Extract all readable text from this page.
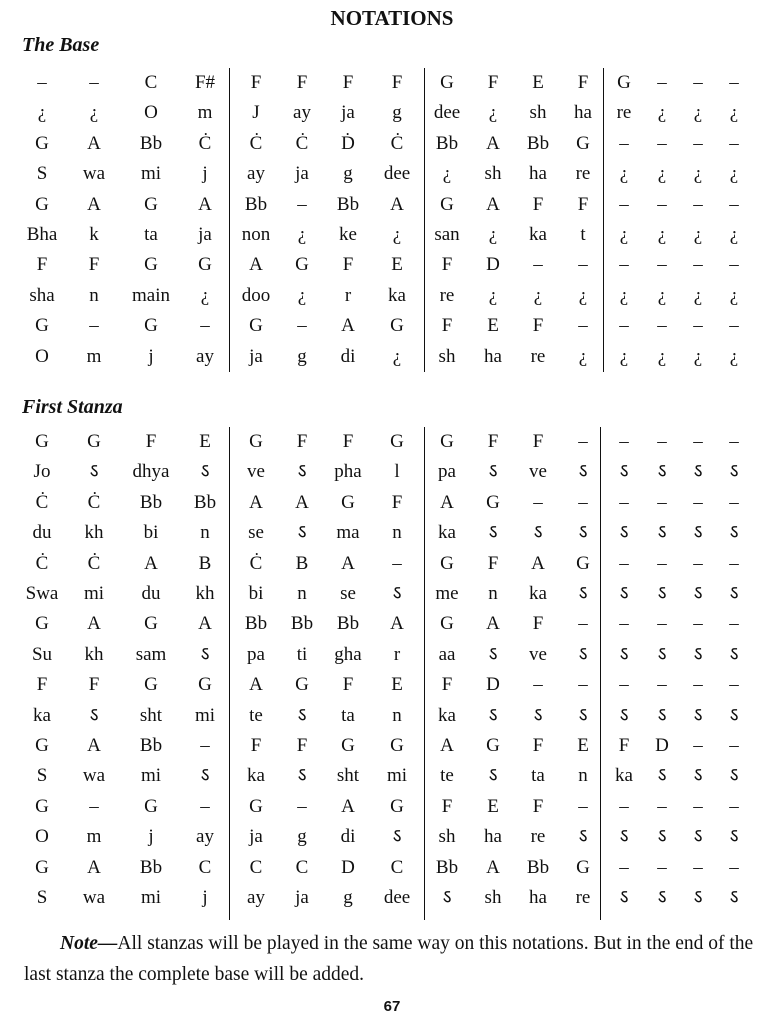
NOTATIONS
The Base
First Stanza
–	–	C	F#	F	F	F	F	G	F	E	F	G	–	–	–
¿	¿	O	m	J	ay	ja	g	dee	¿	sh	ha	re	¿	¿	¿
G	A	Bb	Ċ	Ċ	Ċ	Ḋ	Ċ	Bb	A	Bb	G	–	–	–	–
S	wa	mi	j	ay	ja	g	dee	¿	sh	ha	re	¿	¿	¿	¿
G	A	G	A	Bb	–	Bb	A	G	A	F	F	–	–	–	–
Bha	k	ta	ja	non	¿	ke	¿	san	¿	ka	t	¿	¿	¿	¿
F	F	G	G	A	G	F	E	F	D	–	–	–	–	–	–
sha	n	main	¿	doo	¿	r	ka	re	¿	¿	¿	¿	¿	¿	¿
G	–	G	–	G	–	A	G	F	E	F	–	–	–	–	–
O	m	j	ay	ja	g	di	¿	sh	ha	re	¿	¿	¿	¿	¿
G	G	F	E	G	F	F	G	G	F	F	–	–	–	–	–
Jo	ऽ	dhya	ऽ	ve	ऽ	pha	l	pa	ऽ	ve	ऽ	ऽ	ऽ	ऽ	ऽ
Ċ	Ċ	Bb	Bb	A	A	G	F	A	G	–	–	–	–	–	–
du	kh	bi	n	se	ऽ	ma	n	ka	ऽ	ऽ	ऽ	ऽ	ऽ	ऽ	ऽ
Ċ	Ċ	A	B	Ċ	B	A	–	G	F	A	G	–	–	–	–
Swa	mi	du	kh	bi	n	se	ऽ	me	n	ka	ऽ	ऽ	ऽ	ऽ	ऽ
G	A	G	A	Bb	Bb	Bb	A	G	A	F	–	–	–	–	–
Su	kh	sam	ऽ	pa	ti	gha	r	aa	ऽ	ve	ऽ	ऽ	ऽ	ऽ	ऽ
F	F	G	G	A	G	F	E	F	D	–	–	–	–	–	–
ka	ऽ	sht	mi	te	ऽ	ta	n	ka	ऽ	ऽ	ऽ	ऽ	ऽ	ऽ	ऽ
G	A	Bb	–	F	F	G	G	A	G	F	E	F	D	–	–
S	wa	mi	ऽ	ka	ऽ	sht	mi	te	ऽ	ta	n	ka	ऽ	ऽ	ऽ
G	–	G	–	G	–	A	G	F	E	F	–	–	–	–	–
O	m	j	ay	ja	g	di	ऽ	sh	ha	re	ऽ	ऽ	ऽ	ऽ	ऽ
G	A	Bb	C	C	C	D	C	Bb	A	Bb	G	–	–	–	–
S	wa	mi	j	ay	ja	g	dee	ऽ	sh	ha	re	ऽ	ऽ	ऽ	ऽ

Note—All stanzas will be played in the same way on this notations. But in the end of the last stanza the complete base will be added.

67
